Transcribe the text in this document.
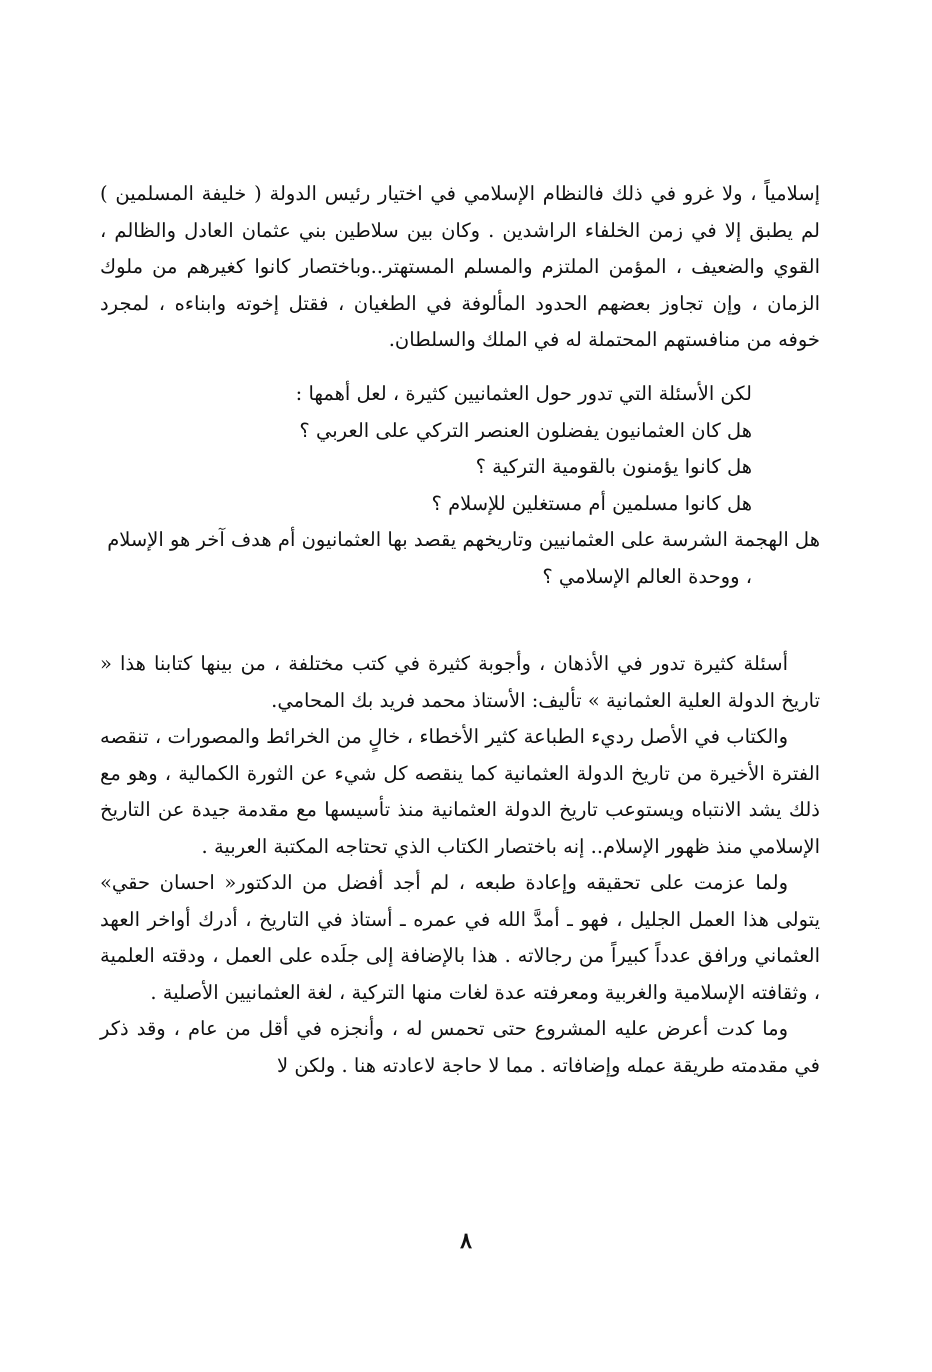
إسلامياً ، ولا غرو في ذلك فالنظام الإسلامي في اختيار رئيس الدولة ( خليفة المسلمين ) لم يطبق إلا في زمن الخلفاء الراشدين . وكان بين سلاطين بني عثمان العادل والظالم ، القوي والضعيف ، المؤمن الملتزم والمسلم المستهتر..وباختصار كانوا كغيرهم من ملوك الزمان ، وإن تجاوز بعضهم الحدود المألوفة في الطغيان ، فقتل إخوته وابناءه ، لمجرد خوفه من منافستهم المحتملة له في الملك والسلطان.
لكن الأسئلة التي تدور حول العثمانيين كثيرة ، لعل أهمها :
هل كان العثمانيون يفضلون العنصر التركي على العربي ؟
هل كانوا يؤمنون بالقومية التركية ؟
هل كانوا مسلمين أم مستغلين للإسلام ؟
هل الهجمة الشرسة على العثمانيين وتاريخهم يقصد بها العثمانيون أم هدف آخر هو الإسلام ، ووحدة العالم الإسلامي ؟
أسئلة كثيرة تدور في الأذهان ، وأجوبة كثيرة في كتب مختلفة ، من بينها كتابنا هذا « تاريخ الدولة العلية العثمانية » تأليف: الأستاذ محمد فريد بك المحامي.
والكتاب في الأصل رديء الطباعة كثير الأخطاء ، خالٍ من الخرائط والمصورات ، تنقصه الفترة الأخيرة من تاريخ الدولة العثمانية كما ينقصه كل شيء عن الثورة الكمالية ، وهو مع ذلك يشد الانتباه ويستوعب تاريخ الدولة العثمانية منذ تأسيسها مع مقدمة جيدة عن التاريخ الإسلامي منذ ظهور الإسلام.. إنه باختصار الكتاب الذي تحتاجه المكتبة العربية .
ولما عزمت على تحقيقه وإعادة طبعه ، لم أجد أفضل من الدكتور« احسان حقي» يتولى هذا العمل الجليل ، فهو ـ أمدَّ الله في عمره ـ أستاذ في التاريخ ، أدرك أواخر العهد العثماني ورافق عدداً كبيراً من رجالاته . هذا بالإضافة إلى جلَده على العمل ، ودقته العلمية ، وثقافته الإسلامية والغربية ومعرفته عدة لغات منها التركية ، لغة العثمانيين الأصلية .
وما كدت أعرض عليه المشروع حتى تحمس له ، وأنجزه في أقل من عام ، وقد ذكر في مقدمته طريقة عمله وإضافاته . مما لا حاجة لاعادته هنا . ولكن لا
٨
